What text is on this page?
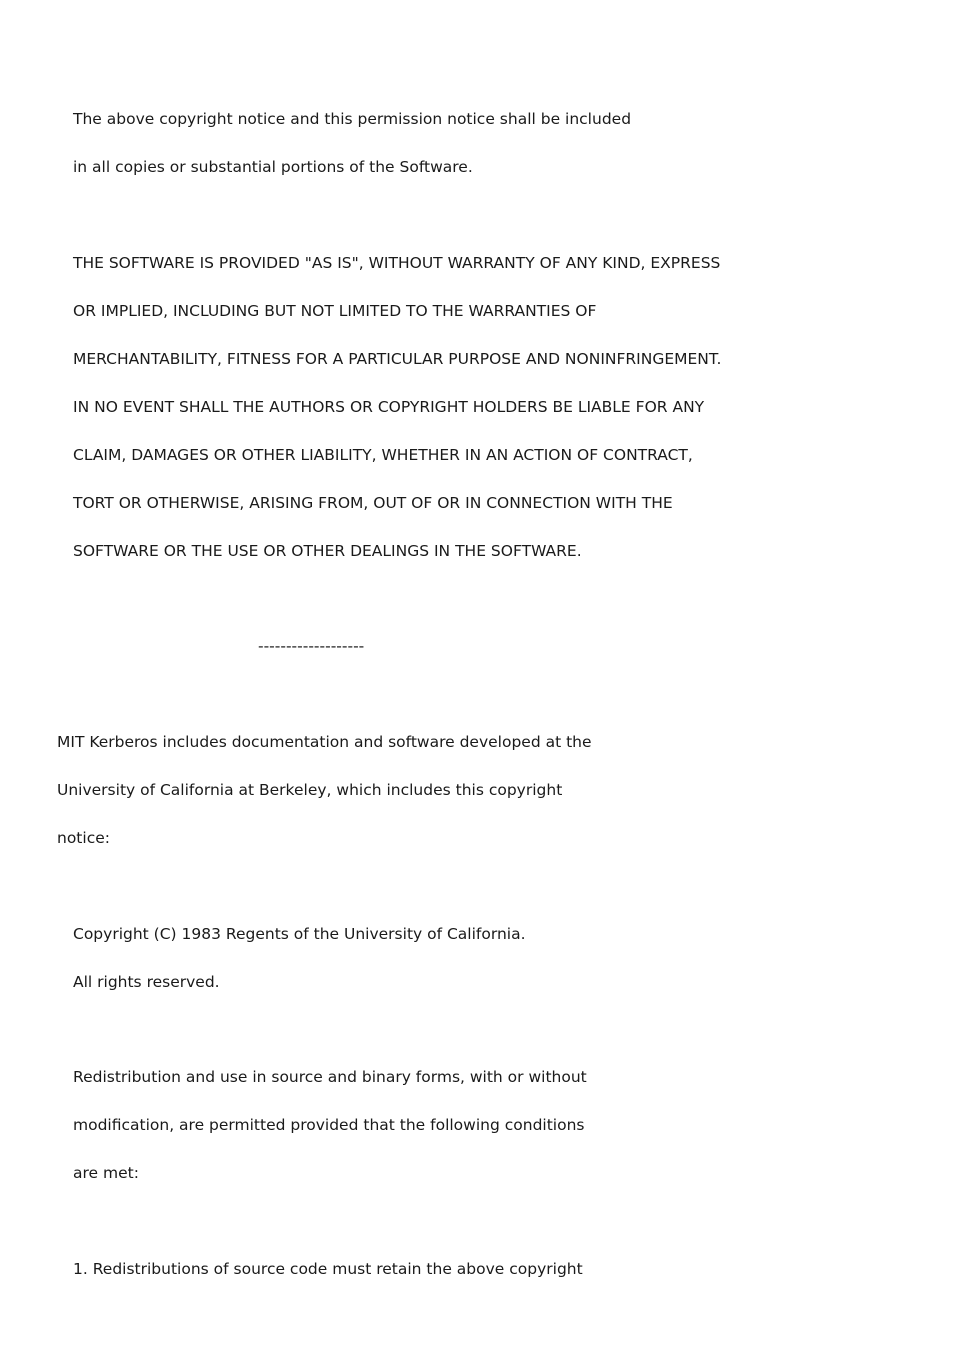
The above copyright notice and this permission notice shall be included

in all copies or substantial portions of the Software.

THE SOFTWARE IS PROVIDED "AS IS", WITHOUT WARRANTY OF ANY KIND, EXPRESS

OR IMPLIED, INCLUDING BUT NOT LIMITED TO THE WARRANTIES OF

MERCHANTABILITY, FITNESS FOR A PARTICULAR PURPOSE AND NONINFRINGEMENT.

IN NO EVENT SHALL THE AUTHORS OR COPYRIGHT HOLDERS BE LIABLE FOR ANY

CLAIM, DAMAGES OR OTHER LIABILITY, WHETHER IN AN ACTION OF CONTRACT,

TORT OR OTHERWISE, ARISING FROM, OUT OF OR IN CONNECTION WITH THE

SOFTWARE OR THE USE OR OTHER DEALINGS IN THE SOFTWARE.

-------------------

MIT Kerberos includes documentation and software developed at the

University of California at Berkeley, which includes this copyright

notice:

Copyright (C) 1983 Regents of the University of California.

All rights reserved.

Redistribution and use in source and binary forms, with or without

modification, are permitted provided that the following conditions

are met:

1. Redistributions of source code must retain the above copyright
